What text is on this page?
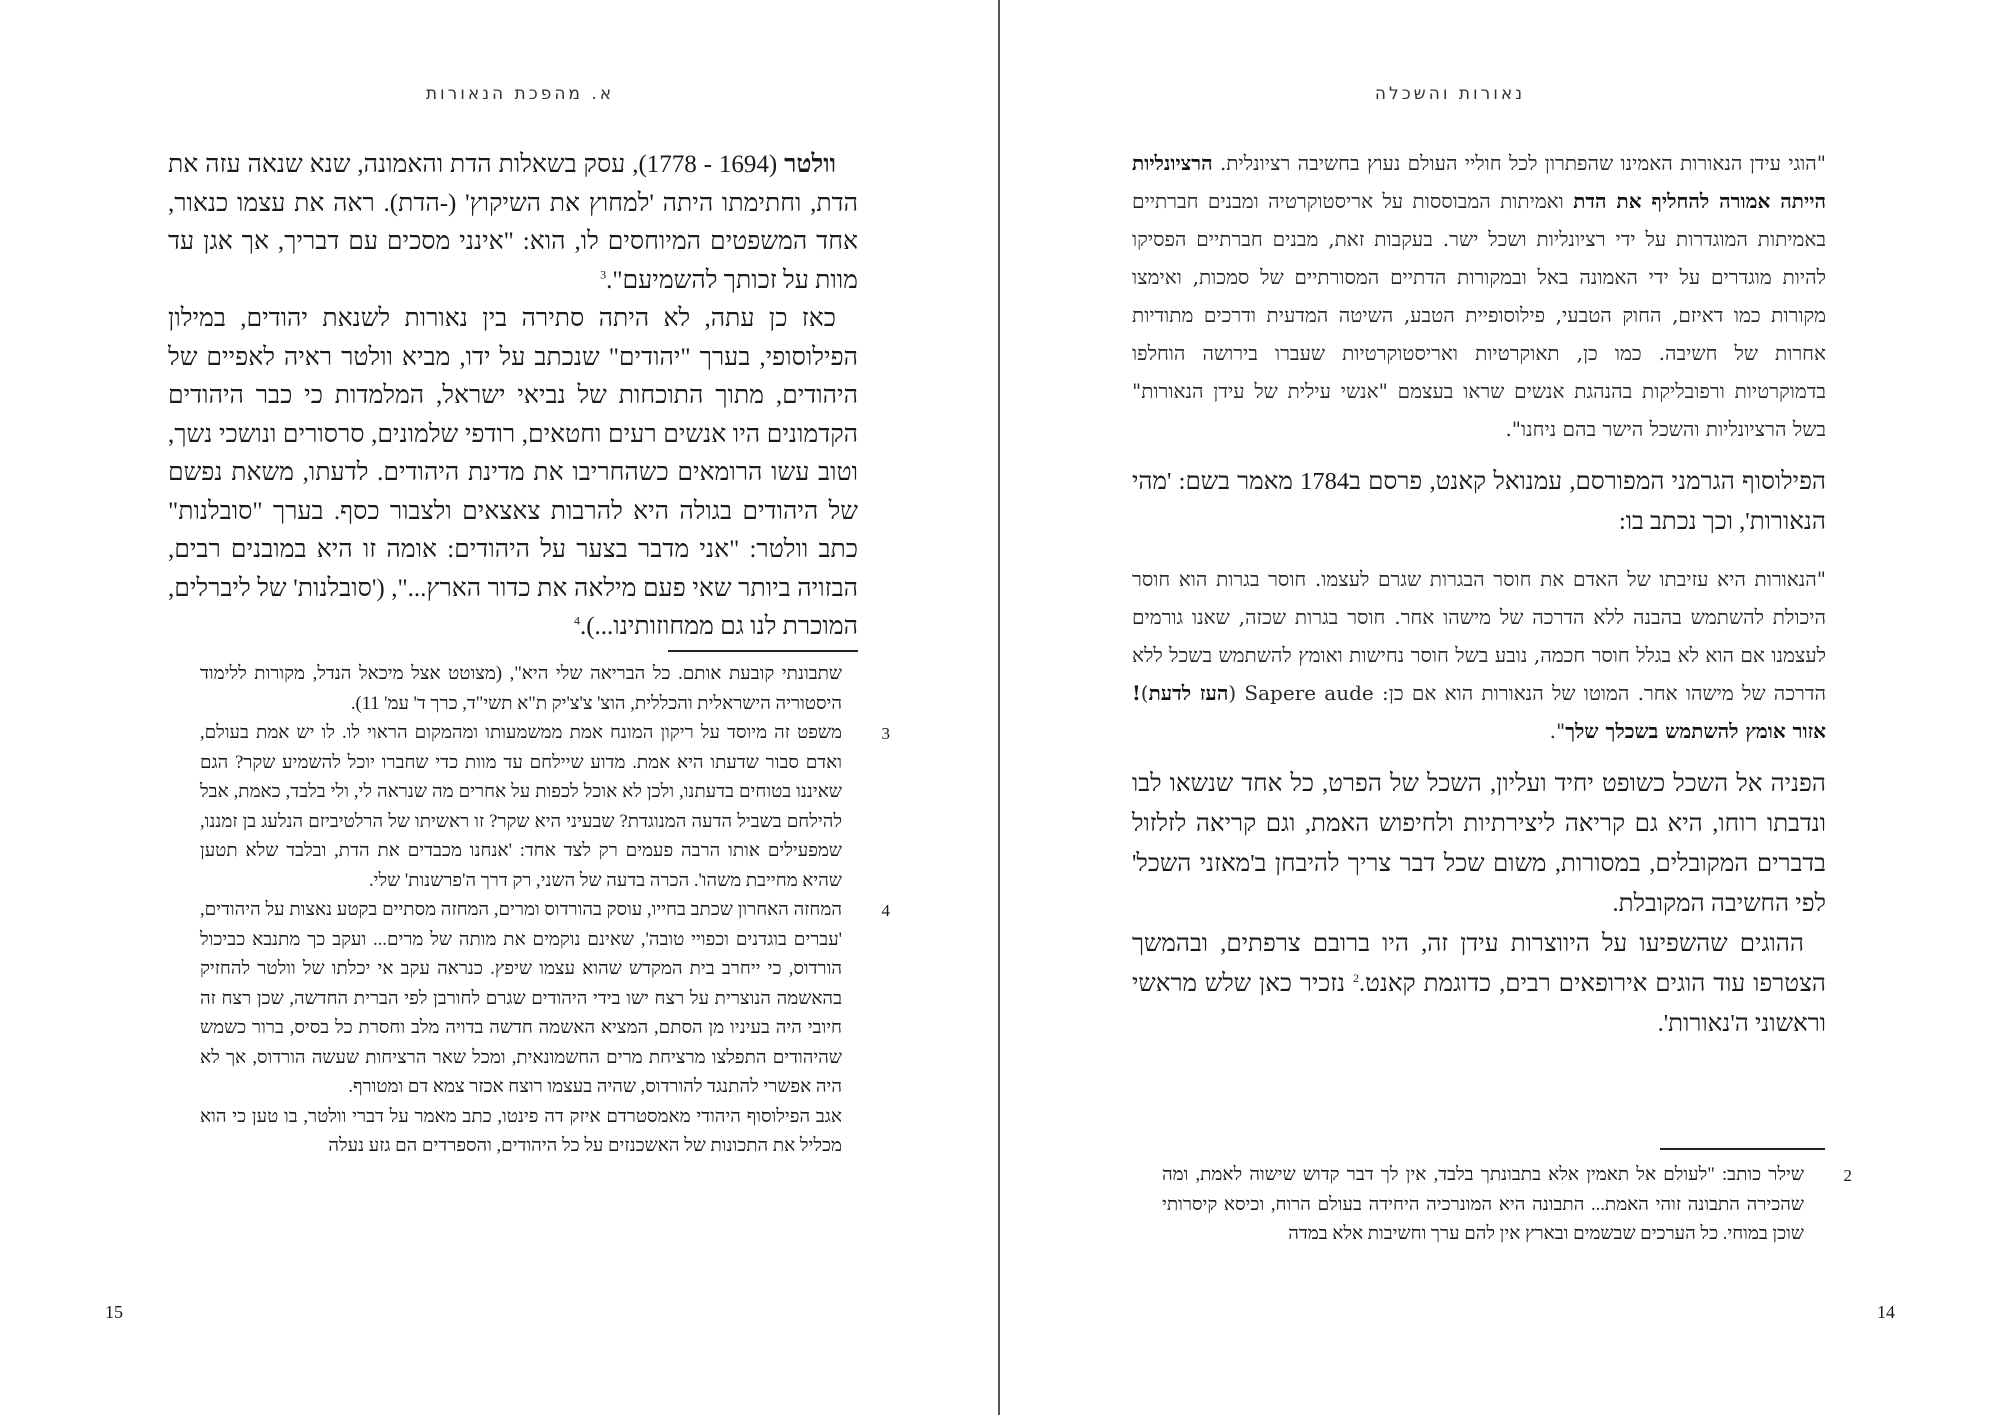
א. מהפכת הנאורות

וולטר (1694 - 1778), עסק בשאלות הדת והאמונה, שנא שנאה עזה את הדת, וחתימתו היתה 'למחוץ את השיקוץ' (-הדת). ראה את עצמו כנאור, אחד המשפטים המיוחסים לו, הוא: "אינני מסכים עם דבריך, אך אגן עד מוות על זכותך להשמיעם".$^3$

כאז כן עתה, לא היתה סתירה בין נאורות לשנאת יהודים, במילון הפילוסופי, בערך "יהודים" שנכתב על ידו, מביא וולטר ראיה לאפיים של היהודים, מתוך התוכחות של נביאי ישראל, המלמדות כי כבר היהודים הקדמונים היו אנשים רעים וחטאים, רודפי שלמונים, סרסורים ונושכי נשך, וטוב עשו הרומאים כשהחריבו את מדינת היהודים. לדעתו, משאת נפשם של היהודים בגולה היא להרבות צאצאים ולצבור כסף. בערך "סובלנות" כתב וולטר: "אני מדבר בצער על היהודים: אומה זו היא במובנים רבים, הבזויה ביותר שאי פעם מילאה את כדור הארץ...", ('סובלנות' של ליברלים, המוכרת לנו גם ממחוזותינו...).$^4$

שתבונתי קובעת אותם. כל הבריאה שלי היא", (מצוטט אצל מיכאל הנדל, מקורות ללימוד היסטוריה הישראלית והכללית, הוצ' צ'צ'יק ת"א תשי"ד, כרך ד' עמ' 11).
3
משפט זה מיוסד על ריקון המונח אמת ממשמעותו ומהמקום הראוי לו. לו יש אמת בעולם, ואדם סבור שדעתו היא אמת. מדוע שיילחם עד מוות כדי שחברו יוכל להשמיע שקר? הגם שאיננו בטוחים בדעתנו, ולכן לא אוכל לכפות על אחרים מה שנראה לי, ולי בלבד, כאמת, אבל להילחם בשביל הדעה המנוגדת? שבעיני היא שקר? זו ראשיתו של הרלטיביזם הנלעג בן זמננו, שמפעילים אותו הרבה פעמים רק לצד אחד: 'אנחנו מכבדים את הדת, ובלבד שלא תטען שהיא מחייבת משהו'. הכרה בדעה של השני, רק דרך ה'פרשנות' שלי.
4
המחזה האחרון שכתב בחייו, עוסק בהורדוס ומרים, המחזה מסתיים בקטע נאצות על היהודים, 'עברים בוגדנים וכפויי טובה', שאינם נוקמים את מותה של מרים... ועקב כך מתנבא כביכול הורדוס, כי ייחרב בית המקדש שהוא עצמו שיפץ. כנראה עקב אי יכלתו של וולטר להחזיק בהאשמה הנוצרית על רצח ישו בידי היהודים שגרם לחורבן לפי הברית החדשה, שכן רצח זה חיובי היה בעיניו מן הסתם, המציא האשמה חדשה בדויה מלב וחסרת כל בסיס, ברור כשמש שהיהודים התפלצו מרציחת מרים החשמונאית, ומכל שאר הרציחות שעשה הורדוס, אך לא היה אפשרי להתנגד להורדוס, שהיה בעצמו רוצח אכזר צמא דם ומטורף.
אגב הפילוסוף היהודי מאמסטרדם איזק דה פינטו, כתב מאמר על דברי וולטר, בו טען כי הוא מכליל את התכונות של האשכנזים על כל היהודים, והספרדים הם גזע נעלה
15
נאורות והשכלה

"הוגי עידן הנאורות האמינו שהפתרון לכל חוליי העולם נעוץ בחשיבה רציונלית. הרציונליות הייתה אמורה להחליף את הדת ואמיתות המבוססות על אריסטוקרטיה ומבנים חברתיים באמיתות המוגדרות על ידי רציונליות ושכל ישר. בעקבות זאת, מבנים חברתיים הפסיקו להיות מוגדרים על ידי האמונה באל ובמקורות הדתיים המסורתיים של סמכות, ואימצו מקורות כמו דאיזם, החוק הטבעי, פילוסופיית הטבע, השיטה המדעית ודרכים מתודיות אחרות של חשיבה. כמו כן, תאוקרטיות ואריסטוקרטיות שעברו בירושה הוחלפו בדמוקרטיות ורפובליקות בהנהגת אנשים שראו בעצמם "אנשי עילית של עידן הנאורות" בשל הרציונליות והשכל הישר בהם ניחנו".

הפילוסוף הגרמני המפורסם, עמנואל קאנט, פרסם ב1784 מאמר בשם: 'מהי הנאורות', וכך נכתב בו:

"הנאורות היא עזיבתו של האדם את חוסר הבגרות שגרם לעצמו. חוסר בגרות הוא חוסר היכולת להשתמש בהבנה ללא הדרכה של מישהו אחר. חוסר בגרות שכזה, שאנו גורמים לעצמנו אם הוא לא בגלל חוסר חכמה, נובע בשל חוסר נחישות ואומץ להשתמש בשכל ללא הדרכה של מישהו אחר. המוטו של הנאורות הוא אם כן: Sapere aude (העז לדעת)! אזור אומץ להשתמש בשכלך שלך".

הפניה אל השכל כשופט יחיד ועליון, השכל של הפרט, כל אחד שנשאו לבו ונדבתו רוחו, היא גם קריאה ליצירתיות ולחיפוש האמת, וגם קריאה לזלזול בדברים המקובלים, במסורות, משום שכל דבר צריך להיבחן ב'מאזני השכל' לפי החשיבה המקובלת.

ההוגים שהשפיעו על היווצרות עידן זה, היו ברובם צרפתים, ובהמשך הצטרפו עוד הוגים אירופאים רבים, כדוגמת קאנט.$^2$ נזכיר כאן שלש מראשי וראשוני ה'נאורות'.

2
שילר כותב: "לעולם אל תאמין אלא בתבונתך בלבד, אין לך דבר קדוש שישוה לאמת, ומה שהכירה התבונה זוהי האמת... התבונה היא המונרכיה היחידה בעולם הרוח, וכיסא קיסרותי שוכן במוחי. כל הערכים שבשמים ובארץ אין להם ערך וחשיבות אלא במדה
14
